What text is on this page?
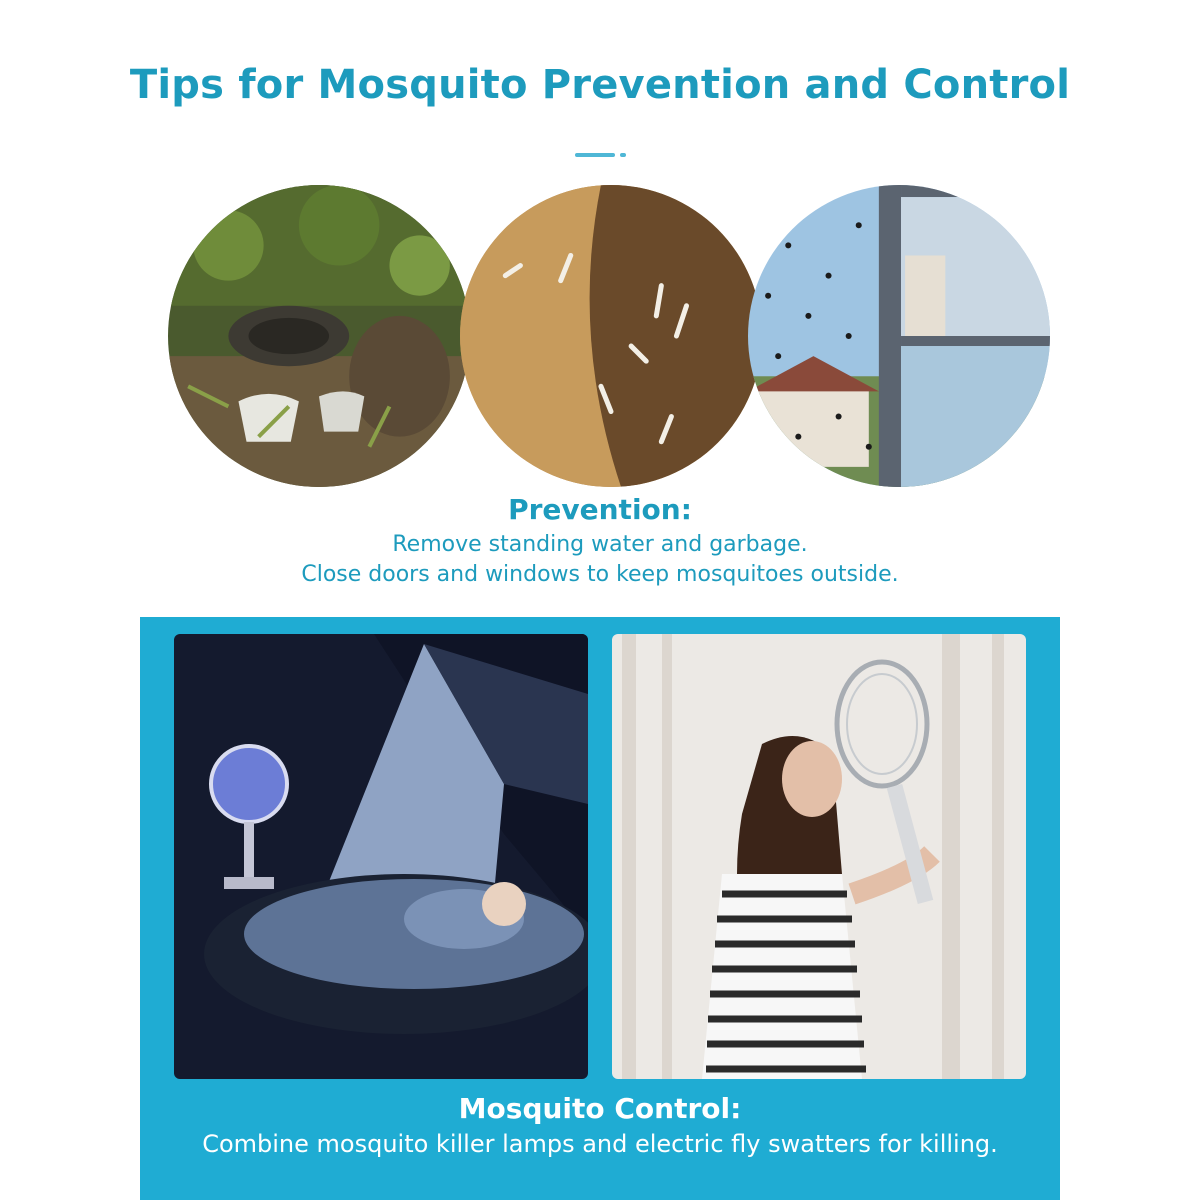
Tips for Mosquito Prevention and Control
Prevention:
Remove standing water and garbage.
Close doors and windows to keep mosquitoes outside.
Mosquito Control:
Combine mosquito killer lamps and electric fly swatters for killing.
